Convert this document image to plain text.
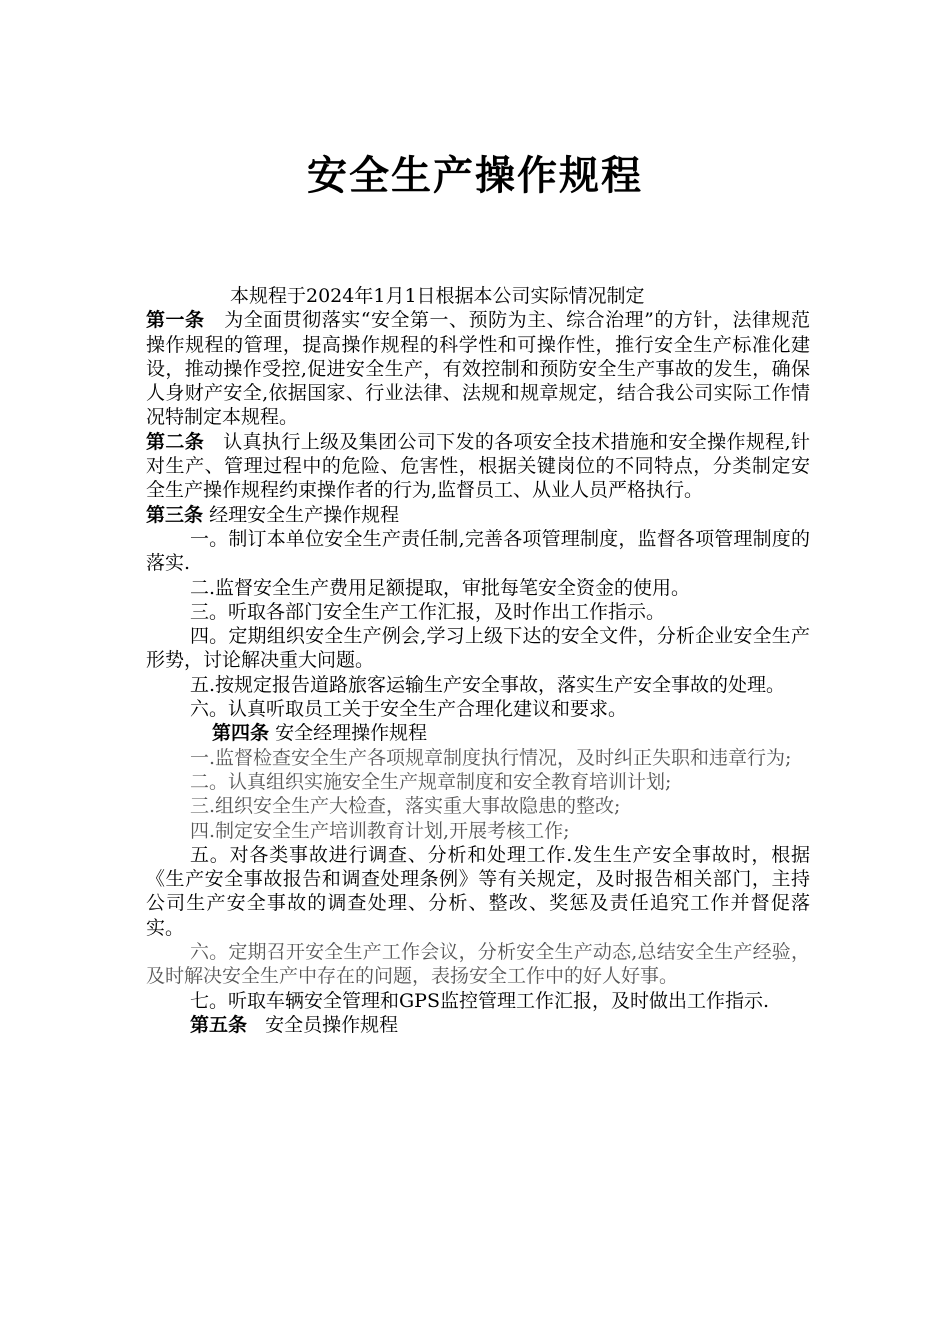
安全生产操作规程

本规程于2024年1月1日根据本公司实际情况制定

第一条 为全面贯彻落实“安全第一、预防为主、综合治理”的方针，法律规范操作规程的管理，提高操作规程的科学性和可操作性，推行安全生产标准化建设，推动操作受控,促进安全生产，有效控制和预防安全生产事故的发生，确保人身财产安全,依据国家、行业法律、法规和规章规定，结合我公司实际工作情况特制定本规程。

第二条 认真执行上级及集团公司下发的各项安全技术措施和安全操作规程,针对生产、管理过程中的危险、危害性，根据关键岗位的不同特点，分类制定安全生产操作规程约束操作者的行为,监督员工、从业人员严格执行。

第三条 经理安全生产操作规程

一。制订本单位安全生产责任制,完善各项管理制度，监督各项管理制度的落实.

二.监督安全生产费用足额提取，审批每笔安全资金的使用。

三。听取各部门安全生产工作汇报，及时作出工作指示。

四。定期组织安全生产例会,学习上级下达的安全文件，分析企业安全生产形势，讨论解决重大问题。

五.按规定报告道路旅客运输生产安全事故，落实生产安全事故的处理。

六。认真听取员工关于安全生产合理化建议和要求。

第四条 安全经理操作规程

一.监督检查安全生产各项规章制度执行情况，及时纠正失职和违章行为;

二。认真组织实施安全生产规章制度和安全教育培训计划;

三.组织安全生产大检查，落实重大事故隐患的整改;

四.制定安全生产培训教育计划,开展考核工作;

五。对各类事故进行调查、分析和处理工作.发生生产安全事故时，根据《生产安全事故报告和调查处理条例》等有关规定，及时报告相关部门，主持公司生产安全事故的调查处理、分析、整改、奖惩及责任追究工作并督促落实。

六。定期召开安全生产工作会议，分析安全生产动态,总结安全生产经验，及时解决安全生产中存在的问题，表扬安全工作中的好人好事。

七。听取车辆安全管理和GPS监控管理工作汇报，及时做出工作指示.

第五条 安全员操作规程
